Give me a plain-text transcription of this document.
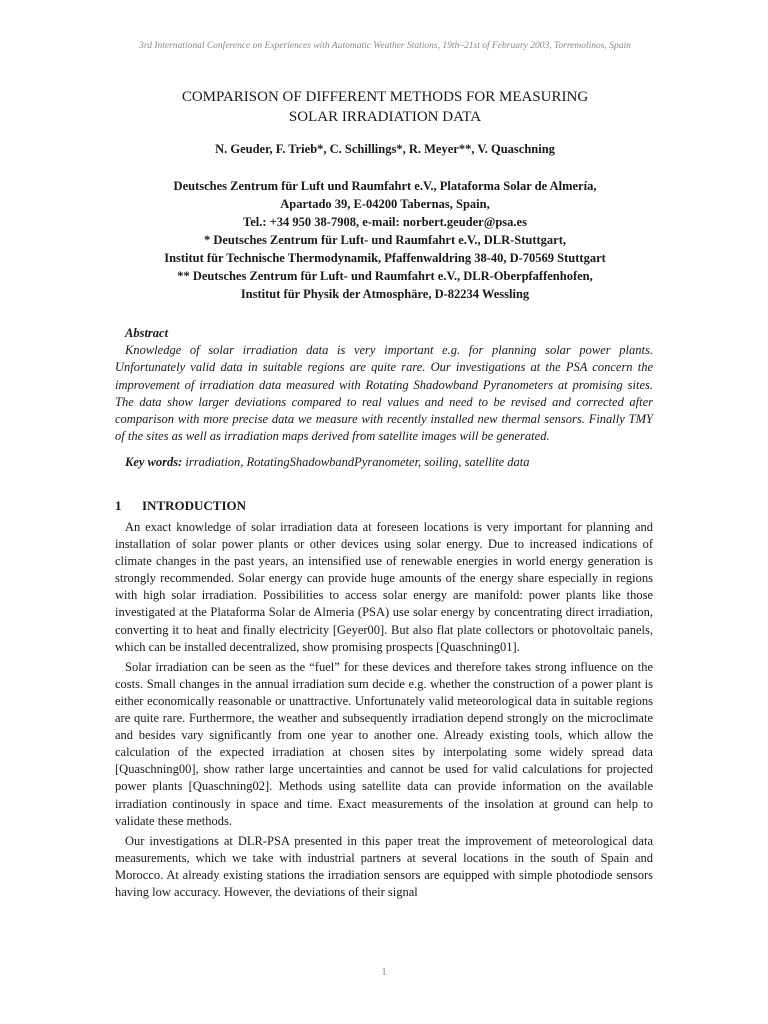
3rd International Conference on Experiences with Automatic Weather Stations, 19th–21st of February 2003, Torremolinos, Spain
COMPARISON OF DIFFERENT METHODS FOR MEASURING
SOLAR IRRADIATION DATA
N. Geuder, F. Trieb*, C. Schillings*, R. Meyer**, V. Quaschning
Deutsches Zentrum für Luft und Raumfahrt e.V., Plataforma Solar de Almería,
Apartado 39, E-04200 Tabernas, Spain,
Tel.: +34 950 38-7908, e-mail: norbert.geuder@psa.es
* Deutsches Zentrum für Luft- und Raumfahrt e.V., DLR-Stuttgart,
Institut für Technische Thermodynamik, Pfaffenwaldring 38-40, D-70569 Stuttgart
** Deutsches Zentrum für Luft- und Raumfahrt e.V., DLR-Oberpfaffenhofen,
Institut für Physik der Atmosphäre, D-82234 Wessling
Abstract

Knowledge of solar irradiation data is very important e.g. for planning solar power plants. Unfortunately valid data in suitable regions are quite rare. Our investigations at the PSA concern the improvement of irradiation data measured with Rotating Shadowband Pyranometers at promising sites. The data show larger deviations compared to real values and need to be revised and corrected after comparison with more precise data we measure with recently installed new thermal sensors. Finally TMY of the sites as well as irradiation maps derived from satellite images will be generated.

Key words: irradiation, RotatingShadowbandPyranometer, soiling, satellite data

1 INTRODUCTION

An exact knowledge of solar irradiation data at foreseen locations is very important for planning and installation of solar power plants or other devices using solar energy. Due to increased indications of climate changes in the past years, an intensified use of renewable energies in world energy generation is strongly recommended. Solar energy can provide huge amounts of the energy share especially in regions with high solar irradiation. Possibilities to access solar energy are manifold: power plants like those investigated at the Plataforma Solar de Almeria (PSA) use solar energy by concentrating direct irradiation, converting it to heat and finally electricity [Geyer00]. But also flat plate collectors or photovoltaic panels, which can be installed decentralized, show promising prospects [Quaschning01].

Solar irradiation can be seen as the “fuel” for these devices and therefore takes strong influence on the costs. Small changes in the annual irradiation sum decide e.g. whether the construction of a power plant is either economically reasonable or unattractive. Unfortunately valid meteorological data in suitable regions are quite rare. Furthermore, the weather and subsequently irradiation depend strongly on the microclimate and besides vary significantly from one year to another one. Already existing tools, which allow the calculation of the expected irradiation at chosen sites by interpolating some widely spread data [Quaschning00], show rather large uncertainties and cannot be used for valid calculations for projected power plants [Quaschning02]. Methods using satellite data can provide information on the available irradiation continously in space and time. Exact measurements of the insolation at ground can help to validate these methods.

Our investigations at DLR-PSA presented in this paper treat the improvement of meteorological data measurements, which we take with industrial partners at several locations in the south of Spain and Morocco. At already existing stations the irradiation sensors are equipped with simple photodiode sensors having low accuracy. However, the deviations of their signal

1
